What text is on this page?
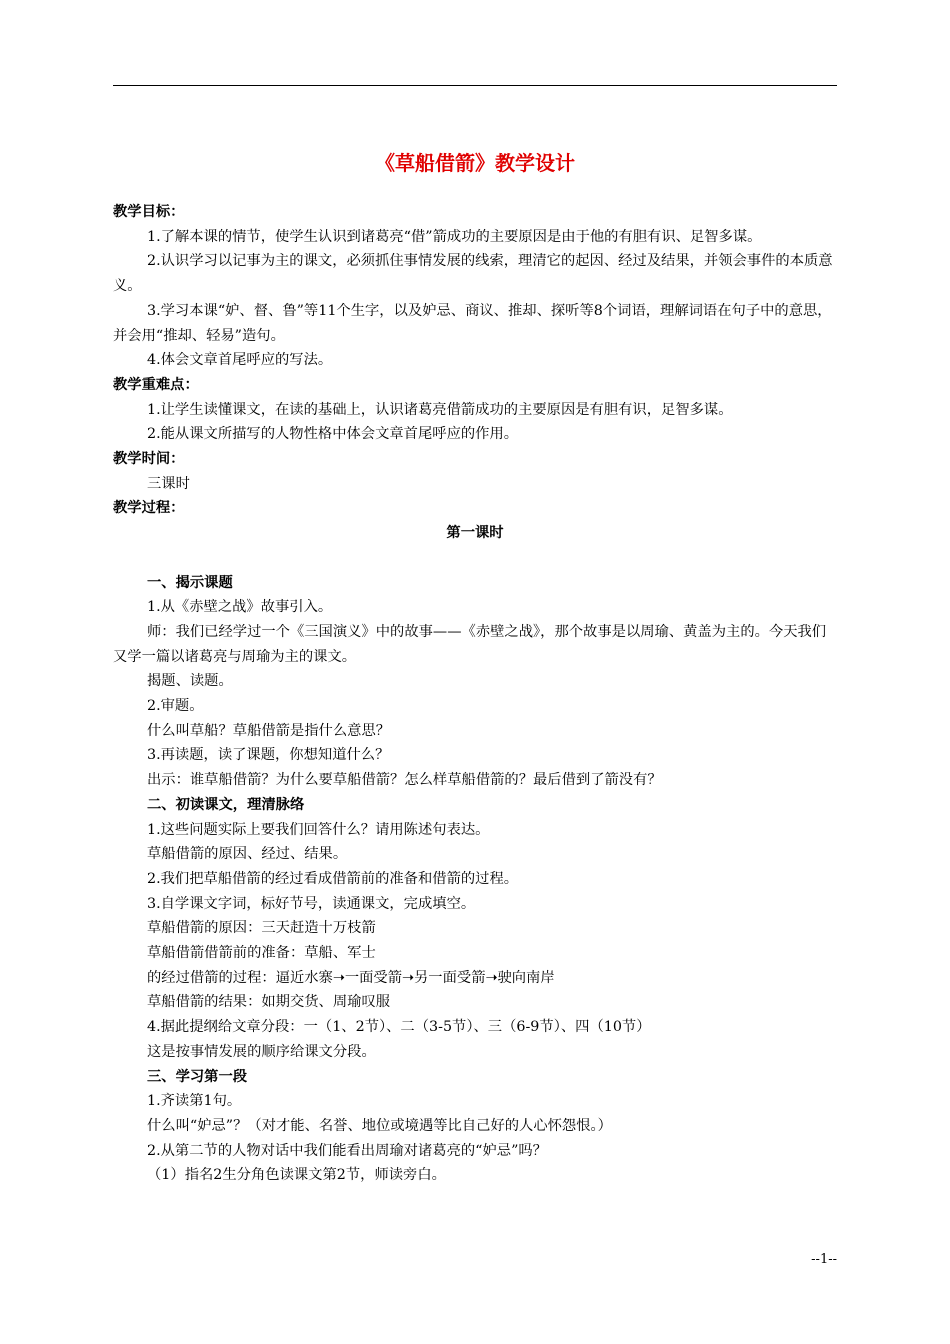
《草船借箭》教学设计

教学目标：

1.了解本课的情节，使学生认识到诸葛亮“借”箭成功的主要原因是由于他的有胆有识、足智多谋。

2.认识学习以记事为主的课文，必须抓住事情发展的线索，理清它的起因、经过及结果，并领会事件的本质意义。

3.学习本课“妒、督、鲁”等11个生字，以及妒忌、商议、推却、探听等8个词语，理解词语在句子中的意思，并会用“推却、轻易”造句。

4.体会文章首尾呼应的写法。

教学重难点：

1.让学生读懂课文，在读的基础上，认识诸葛亮借箭成功的主要原因是有胆有识，足智多谋。

2.能从课文所描写的人物性格中体会文章首尾呼应的作用。

教学时间：

三课时

教学过程：

第一课时

一、揭示课题

1.从《赤壁之战》故事引入。

师：我们已经学过一个《三国演义》中的故事——《赤壁之战》，那个故事是以周瑜、黄盖为主的。今天我们又学一篇以诸葛亮与周瑜为主的课文。

揭题、读题。

2.审题。

什么叫草船？草船借箭是指什么意思？

3.再读题，读了课题，你想知道什么？

出示：谁草船借箭？为什么要草船借箭？怎么样草船借箭的？最后借到了箭没有？

二、初读课文，理清脉络

1.这些问题实际上要我们回答什么？请用陈述句表达。

草船借箭的原因、经过、结果。

2.我们把草船借箭的经过看成借箭前的准备和借箭的过程。

3.自学课文字词，标好节号，读通课文，完成填空。

草船借箭的原因：三天赶造十万枝箭

草船借箭借箭前的准备：草船、军士

的经过借箭的过程：逼近水寨➝一面受箭➝另一面受箭➝驶向南岸

草船借箭的结果：如期交货、周瑜叹服

4.据此提纲给文章分段：一（1、2节）、二（3-5节）、三（6-9节）、四（10节）

这是按事情发展的顺序给课文分段。

三、学习第一段

1.齐读第1句。

什么叫“妒忌”？（对才能、名誉、地位或境遇等比自己好的人心怀怨恨。）

2.从第二节的人物对话中我们能看出周瑜对诸葛亮的“妒忌”吗？

（1）指名2生分角色读课文第2节，师读旁白。

--1--
